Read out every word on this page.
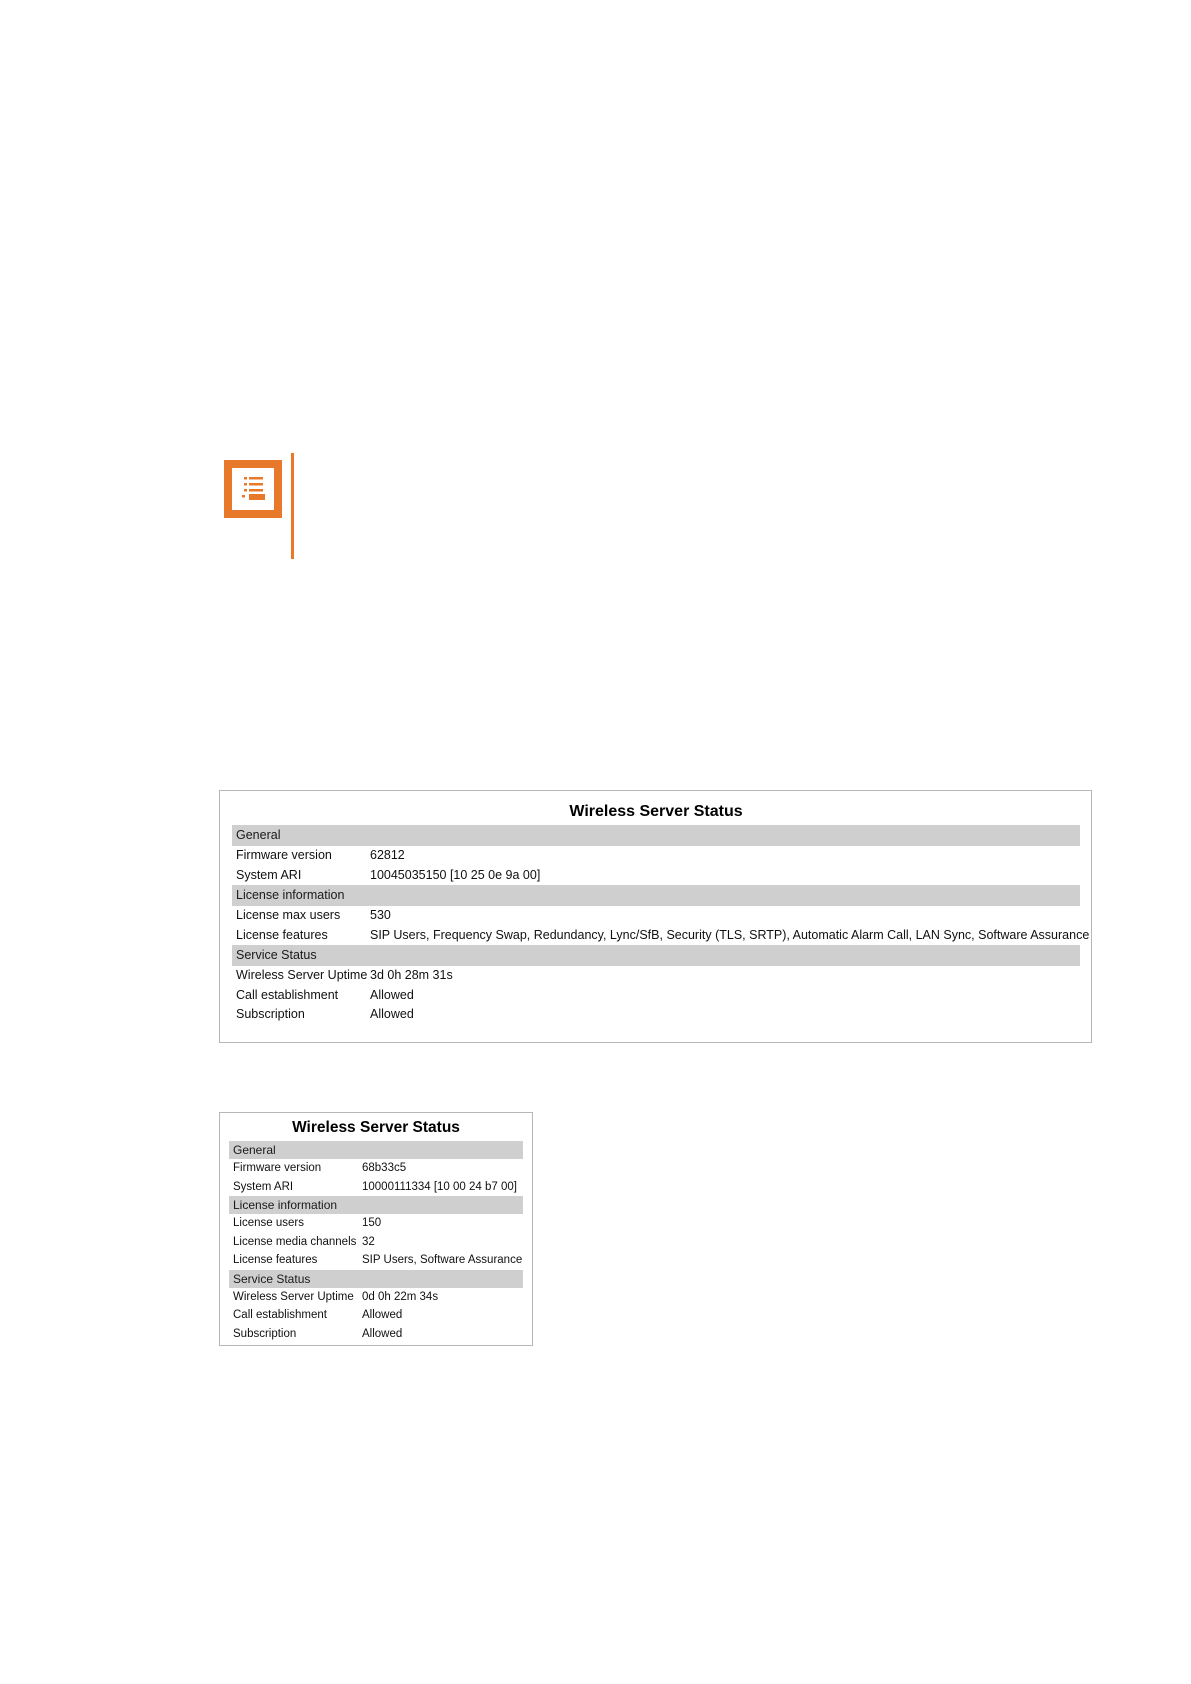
Wireless Server Status
General
Firmware version	62812
System ARI	10045035150 [10 25 0e 9a 00]
License information
License max users	530
License features	SIP Users, Frequency Swap, Redundancy, Lync/SfB, Security (TLS, SRTP), Automatic Alarm Call, LAN Sync, Software Assurance
Service Status
Wireless Server Uptime 3d 0h 28m 31s
Call establishment	Allowed
Subscription	Allowed
Wireless Server Status
General
Firmware version	68b33c5
System ARI	10000111334 [10 00 24 b7 00]
License information
License users	150
License media channels 32
License features	SIP Users, Software Assurance
Service Status
Wireless Server Uptime 0d 0h 22m 34s
Call establishment	Allowed
Subscription	Allowed
